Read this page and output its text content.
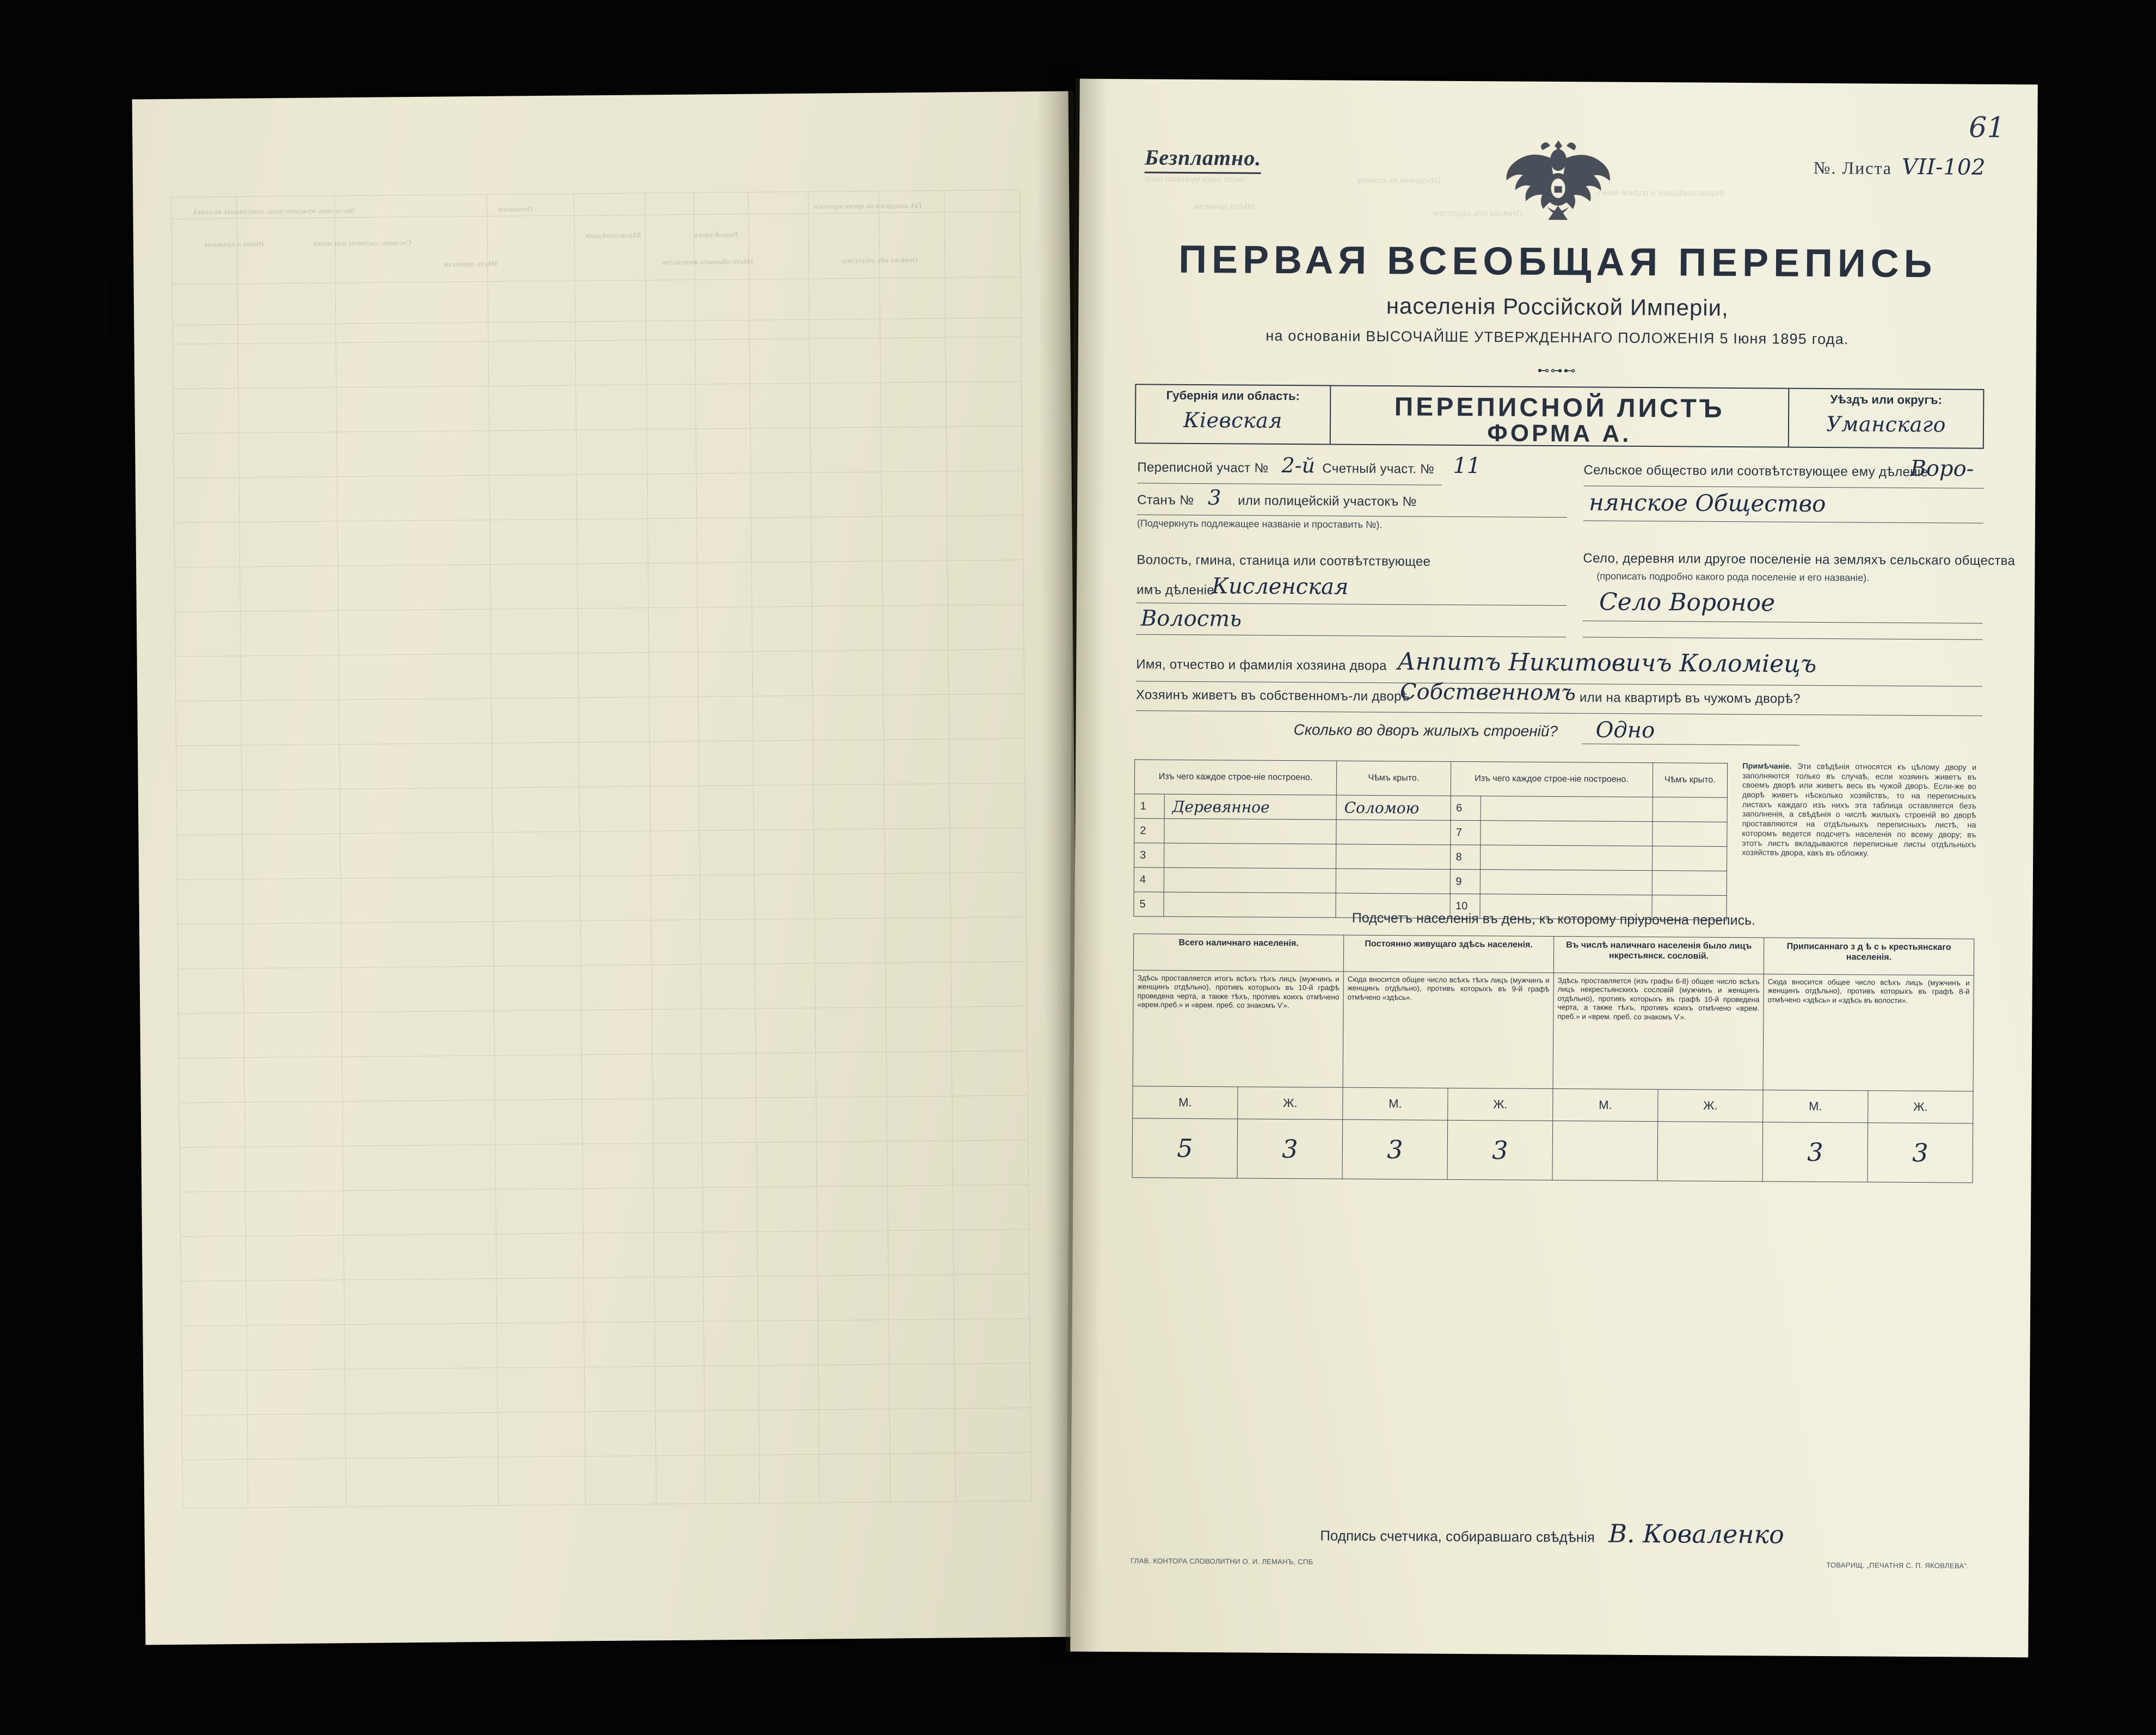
Число лицъ мужского пола, записанныхъ въ семьѣ	Отношеніе
Вѣроисповѣданіе	Родной языкъ
Гдѣ находился во время переписи
Имена и прозванія	Сословіе, состояніе или званіе
Мѣсто приписки	Мѣсто обычнаго жительства	Отмѣтка объ отсутствіи
Число лицъ мужского пола	Отношеніе къ хозяину
Вѣроисповѣданіе и родной языкъ
Мѣсто приписки
Отмѣтка объ отсутствіи
61
Безплатно.	№. Листа VII-102
ПЕРВАЯ ВСЕОБЩАЯ ПЕРЕПИСЬ
населенія Россійской Имперіи,
на основаніи ВЫСОЧАЙШЕ УТВЕРЖДЕННАГО ПОЛОЖЕНІЯ 5 Іюня 1895 года.
⊷⊶⊷
Губернія или область:
Кіевская	ПЕРЕПИСНОЙ ЛИСТЪ
ФОРМА А.
Уѣздъ или округъ:
Уманскаго
Переписной участ № 2-й Счетный участ. № 11
Станъ № 3 или полицейскій участокъ №
(Подчеркнуть подлежащее названіе и проставить №).
Волость, гмина, станица или соотвѣтствующее
имъ дѣленіе
Кисленская
Волость
Сельское общество или соотвѣтствующее ему дѣленіе
Воро-
нянское Общество
Село, деревня или другое поселеніе на земляхъ сельскаго общества
(прописать подробно какого рода поселеніе и его названіе).
Село Вороное
Имя, отчество и фамилія хозяина двора Анпитъ Никитовичъ Коломіецъ
Хозяинъ живетъ въ собственномъ-ли дворѣ
Собственномъ или на квартирѣ въ чужомъ дворѣ?
Сколько во дворъ жилыхъ строеній? Одно
Изъ чего каждое строе-ніе построено.		Чѣмъ крыто.	Изъ чего каждое строе-ніе построено.		Чѣмъ крыто.
1	Деревянное	Соломою	6		
2			7		
3			8		
4			9		
5			10		
Примѣчаніе. Эти свѣдѣнія относятся къ цѣлому двору и заполняются только въ случаѣ, если хозяинъ живетъ въ своемъ дворѣ или живетъ весь въ чужой дворъ. Если-же во дворѣ живетъ нѣсколько хозяйствъ, то на переписныхъ листахъ каждаго изъ нихъ эта таблица оставляется безъ заполненія, а свѣдѣнія о числѣ жилыхъ строеній во дворѣ проставляются на отдѣльныхъ переписныхъ листѣ, на которомъ ведется подсчетъ населенія по всему двору; въ этотъ листъ вкладываются переписные листы отдѣльныхъ хозяйствъ двора, какъ въ обложку.
Подсчетъ населенія въ день, къ которому пріурочена перепись.
Всего наличнаго населенія.		Постоянно живущаго здѣсь населенія.		Въ числѣ наличнаго населенія было лицъ нкрестьянск. сословій.		Приписаннаго з д ѣ с ь крестьянскаго населенія.	
Здѣсь проставляется итогъ всѣхъ тѣхъ лицъ (мужчинъ и женщинъ отдѣльно), противъ которыхъ въ 10-й графѣ проведена черта, а также тѣхъ, противъ коихъ отмѣчено «врем.преб.» и «врем. преб. со знакомъ Ѵ».		Сюда вносится общее число всѣхъ тѣхъ лицъ (мужчинъ и женщинъ отдѣльно), противъ которыхъ въ 9-й графѣ отмѣчено «здѣсь».		Здѣсь проставляется (изъ графы 6-8) общее число всѣхъ лицъ некрестьянскихъ сословій (мужчинъ и женщинъ отдѣльно), противъ которыхъ въ графѣ 10-й проведена черта, а также тѣхъ, противъ коихъ отмѣчено «врем. преб.» и «врем. преб. со знакомъ Ѵ».		Сюда вносится общее число всѣхъ лицъ (мужчинъ и женщинъ отдѣльно), противъ которыхъ въ графѣ 8-й отмѣчено «здѣсь» и «здѣсь въ волости».	
М.	Ж.	М.	Ж.	М.	Ж.	М.	Ж.
5	3	3	3			3	3
Подпись счетчика, собиравшаго свѣдѣнія В. Коваленко
ГЛАВ. КОНТОРА СЛОВОЛИТНИ О. И. ЛЕМАНЪ, СПБ	ТОВАРИЩ. „ПЕЧАТНЯ С. П. ЯКОВЛЕВА".
